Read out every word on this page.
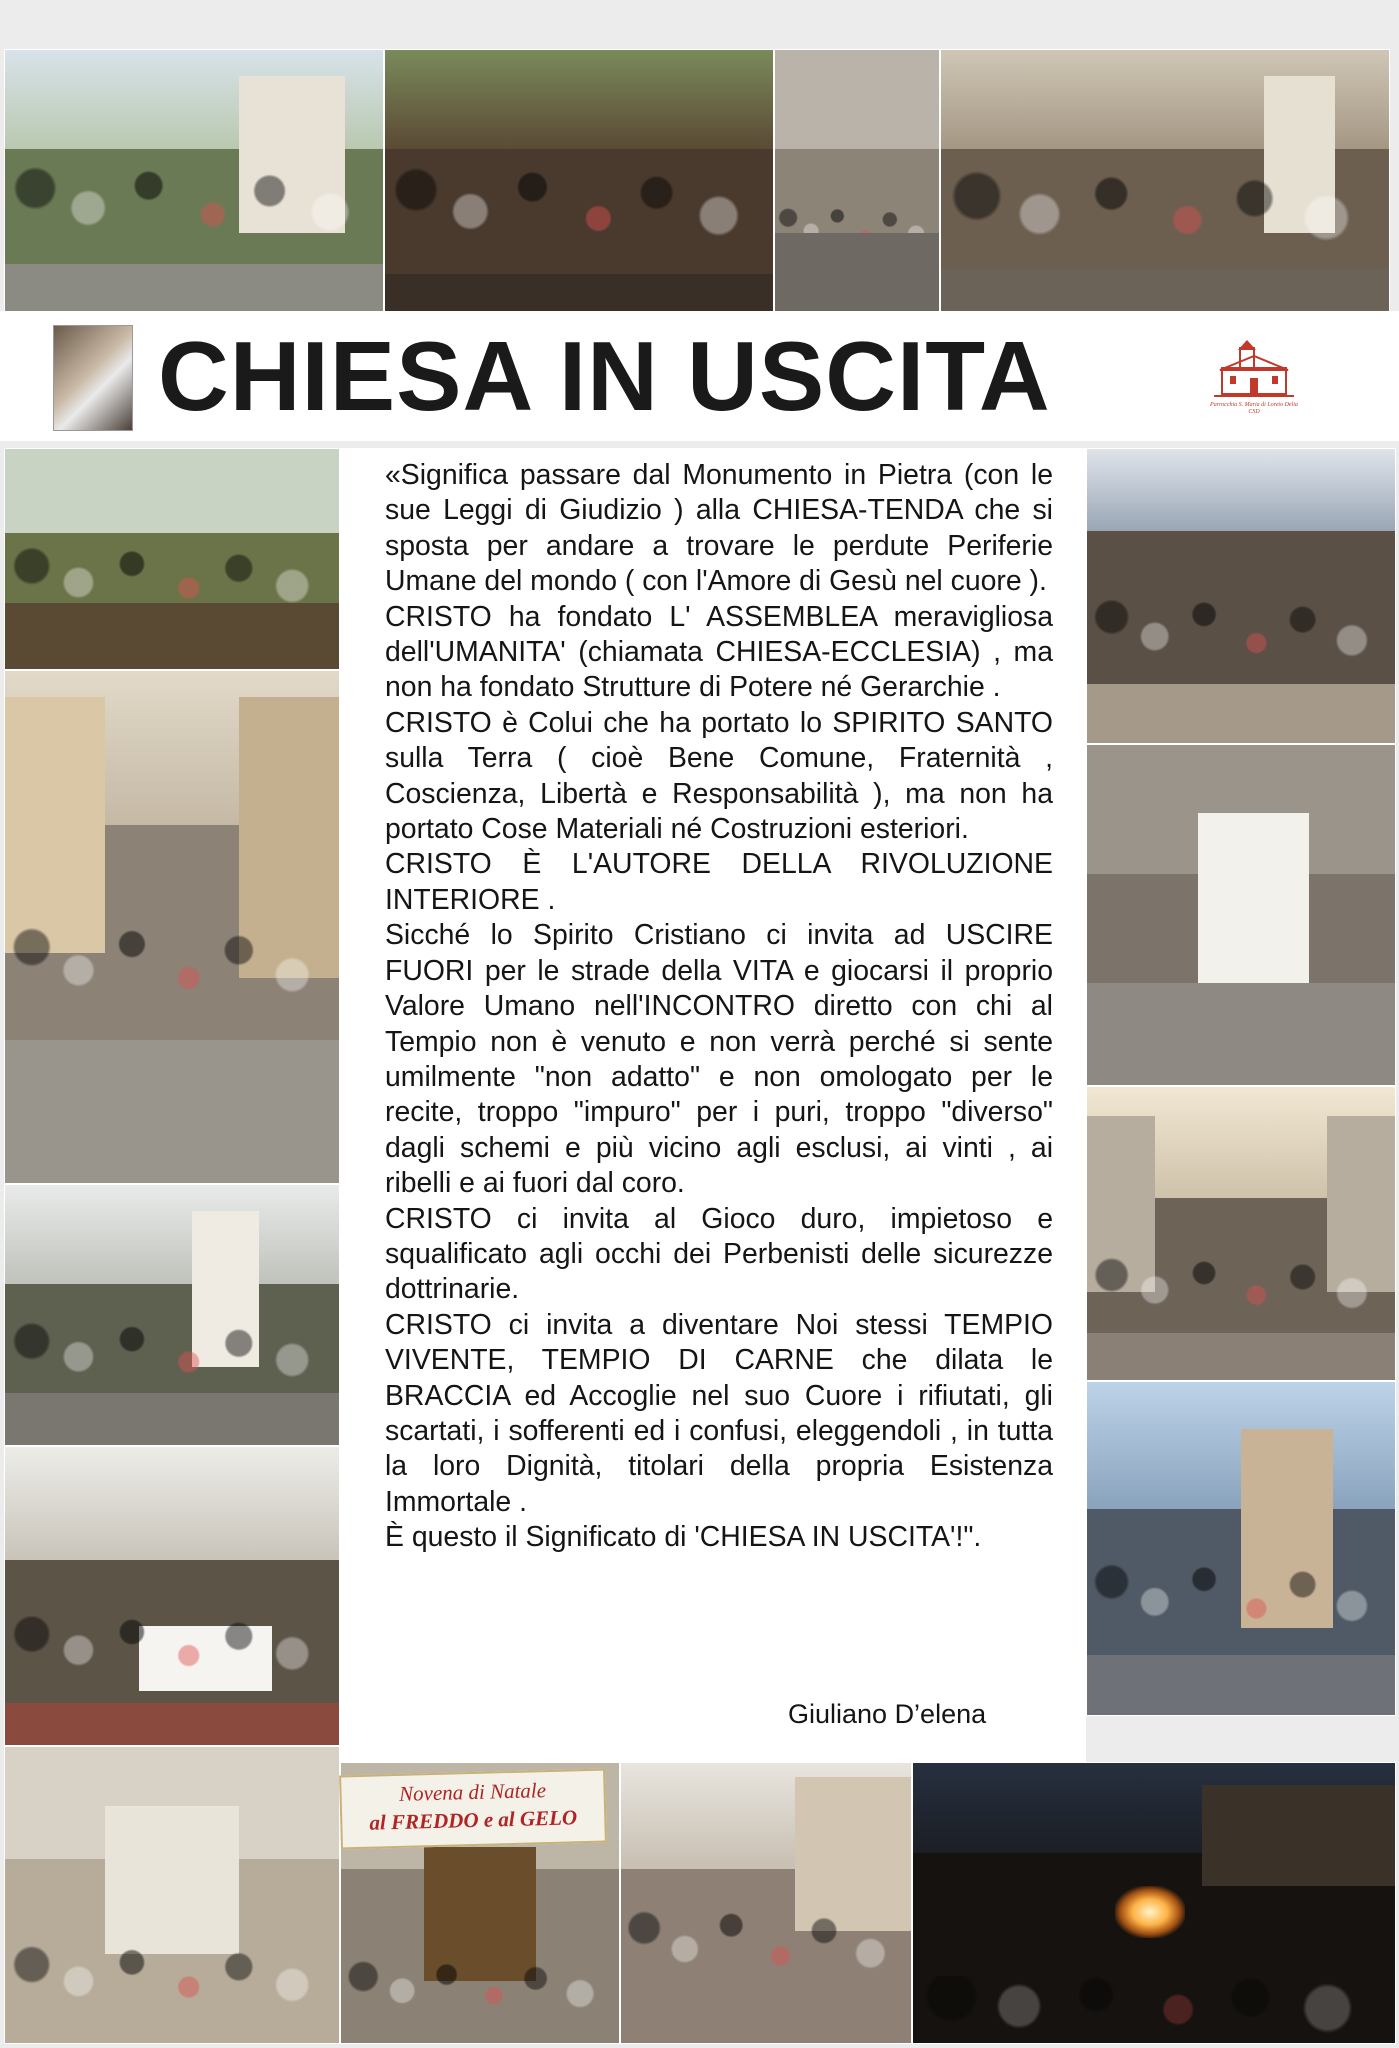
CHIESA IN USCITA	Parrocchia S. Maria di Loreto Delia CSD

«Significa passare dal Monumento in Pietra (con le sue Leggi di Giudizio ) alla CHIESA-TENDA che si sposta per andare a trovare le perdute Periferie Umane del mondo ( con l'Amore di Gesù nel cuore ).

CRISTO ha fondato L' ASSEMBLEA meravigliosa dell'UMANITA' (chiamata CHIESA-ECCLESIA) , ma non ha fondato Strutture di Potere né Gerarchie .

CRISTO è Colui che ha portato lo SPIRITO SANTO sulla Terra ( cioè Bene Comune, Fraternità , Coscienza, Libertà e Responsabilità ), ma non ha portato Cose Materiali né Costruzioni esteriori.

CRISTO È L'AUTORE DELLA RIVOLUZIONE INTERIORE .

Sicché lo Spirito Cristiano ci invita ad USCIRE FUORI per le strade della VITA e giocarsi il proprio Valore Umano nell'INCONTRO diretto con chi al Tempio non è venuto e non verrà perché si sente umilmente "non adatto" e non omologato per le recite, troppo "impuro" per i puri, troppo "diverso" dagli schemi e più vicino agli esclusi, ai vinti , ai ribelli e ai fuori dal coro.

CRISTO ci invita al Gioco duro, impietoso e squalificato agli occhi dei Perbenisti delle sicurezze dottrinarie.

CRISTO ci invita a diventare Noi stessi TEMPIO VIVENTE, TEMPIO DI CARNE che dilata le BRACCIA ed Accoglie nel suo Cuore i rifiutati, gli scartati, i sofferenti ed i confusi, eleggendoli , in tutta la loro Dignità, titolari della propria Esistenza Immortale .

È questo il Significato di 'CHIESA IN USCITA'!".

Giuliano D’elena
Novena di Natale
al FREDDO e al GELO
